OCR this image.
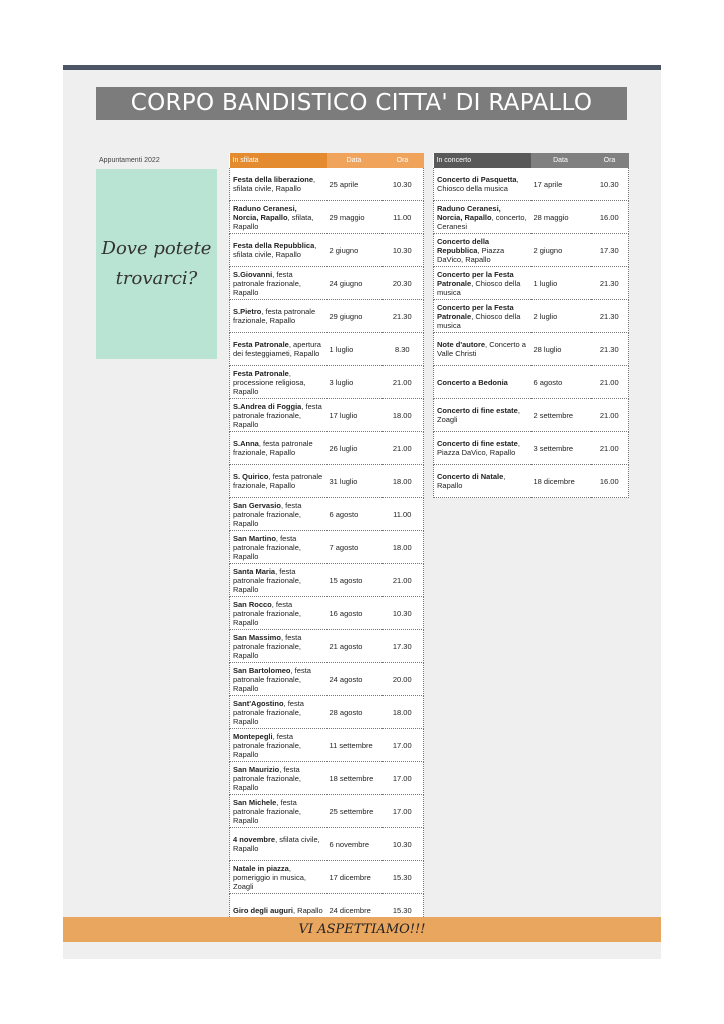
CORPO BANDISTICO CITTA' DI RAPALLO
Appuntamenti 2022
Dove potete
trovarci?
In sfilata	Data	Ora
Festa della liberazione, sfilata civile, Rapallo	25 aprile	10.30
Raduno Ceranesi, Norcia, Rapallo, sfilata, Rapallo	29 maggio	11.00
Festa della Repubblica, sfilata civile, Rapallo	2 giugno	10.30
S.Giovanni, festa patronale frazionale, Rapallo	24 giugno	20.30
S.Pietro, festa patronale frazionale, Rapallo	29 giugno	21.30
Festa Patronale, apertura dei festeggiameti, Rapallo	1 luglio	8.30
Festa Patronale, processione religiosa, Rapallo	3 luglio	21.00
S.Andrea di Foggia, festa patronale frazionale, Rapallo	17 luglio	18.00
S.Anna, festa patronale frazionale, Rapallo	26 luglio	21.00
S. Quirico, festa patronale frazionale, Rapallo	31 luglio	18.00
San Gervasio, festa patronale frazionale, Rapallo	6 agosto	11.00
San Martino, festa patronale frazionale, Rapallo	7 agosto	18.00
Santa Maria, festa patronale frazionale, Rapallo	15 agosto	21.00
San Rocco, festa patronale frazionale, Rapallo	16 agosto	10.30
San Massimo, festa patronale frazionale, Rapallo	21 agosto	17.30
San Bartolomeo, festa patronale frazionale, Rapallo	24 agosto	20.00
Sant'Agostino, festa patronale frazionale, Rapallo	28 agosto	18.00
Montepegli, festa patronale frazionale, Rapallo	11 settembre	17.00
San Maurizio, festa patronale frazionale, Rapallo	18 settembre	17.00
San Michele, festa patronale frazionale, Rapallo	25 settembre	17.00
4 novembre, sfilata civile, Rapallo	6 novembre	10.30
Natale in piazza, pomeriggio in musica, Zoagli	17 dicembre	15.30
Giro degli auguri, Rapallo	24 dicembre	15.30
In concerto	Data	Ora
Concerto di Pasquetta, Chiosco della musica	17 aprile	10.30
Raduno Ceranesi, Norcia, Rapallo, concerto, Ceranesi	28 maggio	16.00
Concerto della Repubblica, Piazza DaVico, Rapallo	2 giugno	17.30
Concerto per la Festa Patronale, Chiosco della musica	1 luglio	21.30
Concerto per la Festa Patronale, Chiosco della musica	2 luglio	21.30
Note d'autore, Concerto a Valle Christi	28 luglio	21.30
Concerto a Bedonia	6 agosto	21.00
Concerto di fine estate, Zoagli	2 settembre	21.00
Concerto di fine estate, Piazza DaVico, Rapallo	3 settembre	21.00
Concerto di Natale, Rapallo	18 dicembre	16.00
VI ASPETTIAMO!!!
